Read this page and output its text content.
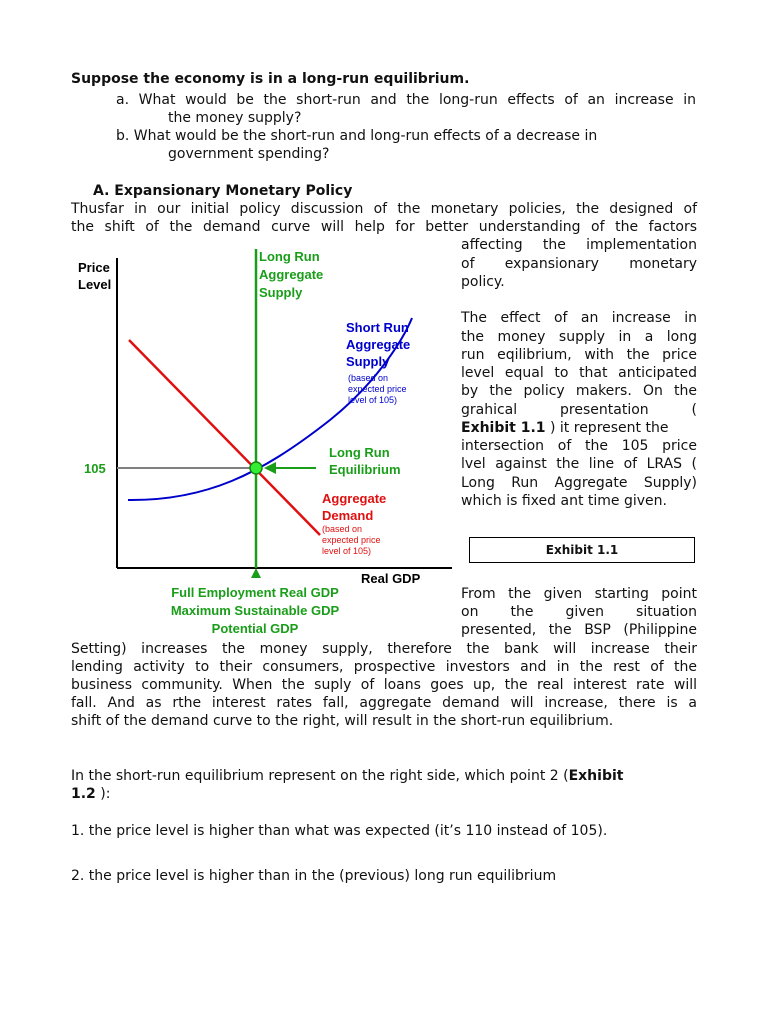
Suppose the economy is in a long-run equilibrium.
a. What would be the short-run and the long-run effects of an increase in
the money supply?
b. What would be the short-run and long-run effects of a decrease in
government spending?
A. Expansionary Monetary Policy
Thusfar in our initial policy discussion of the monetary policies, the designed of
the shift of the demand curve will help for better understanding of the factors
affecting the implementation
of expansionary monetary
policy.
The effect of an increase in
the money supply in a long
run eqilibrium, with the price
level equal to that anticipated
by the policy makers. On the
grahical presentation (
Exhibit 1.1 ) it represent the
intersection of the 105 price
lvel against the line of LRAS (
Long Run Aggregate Supply)
which is fixed ant time given.
Exhibit 1.1
From the given starting point
on the given situation
presented, the BSP (Philippine
Setting) increases the money supply, therefore the bank will increase their
lending activity to their consumers, prospective investors and in the rest of the
business community. When the suply of loans goes up, the real interest rate will
fall. And as rthe interest rates fall, aggregate demand will increase, there is a
shift of the demand curve to the right, will result in the short-run equilibrium.
In the short-run equilibrium represent on the right side, which point 2 (Exhibit
1.2 ):
1. the price level is higher than what was expected (it’s 110 instead of 105).
2. the price level is higher than in the (previous) long run equilibrium
Price
Level
105
Real GDP
Long Run
Aggregate
Supply
Short Run
Aggregate
Supply
(based on
expected price
level of 105)
Long Run
Equilibrium
Aggregate
Demand
(based on
expected price
level of 105)
Full Employment Real GDP
Maximum Sustainable GDP
Potential GDP
